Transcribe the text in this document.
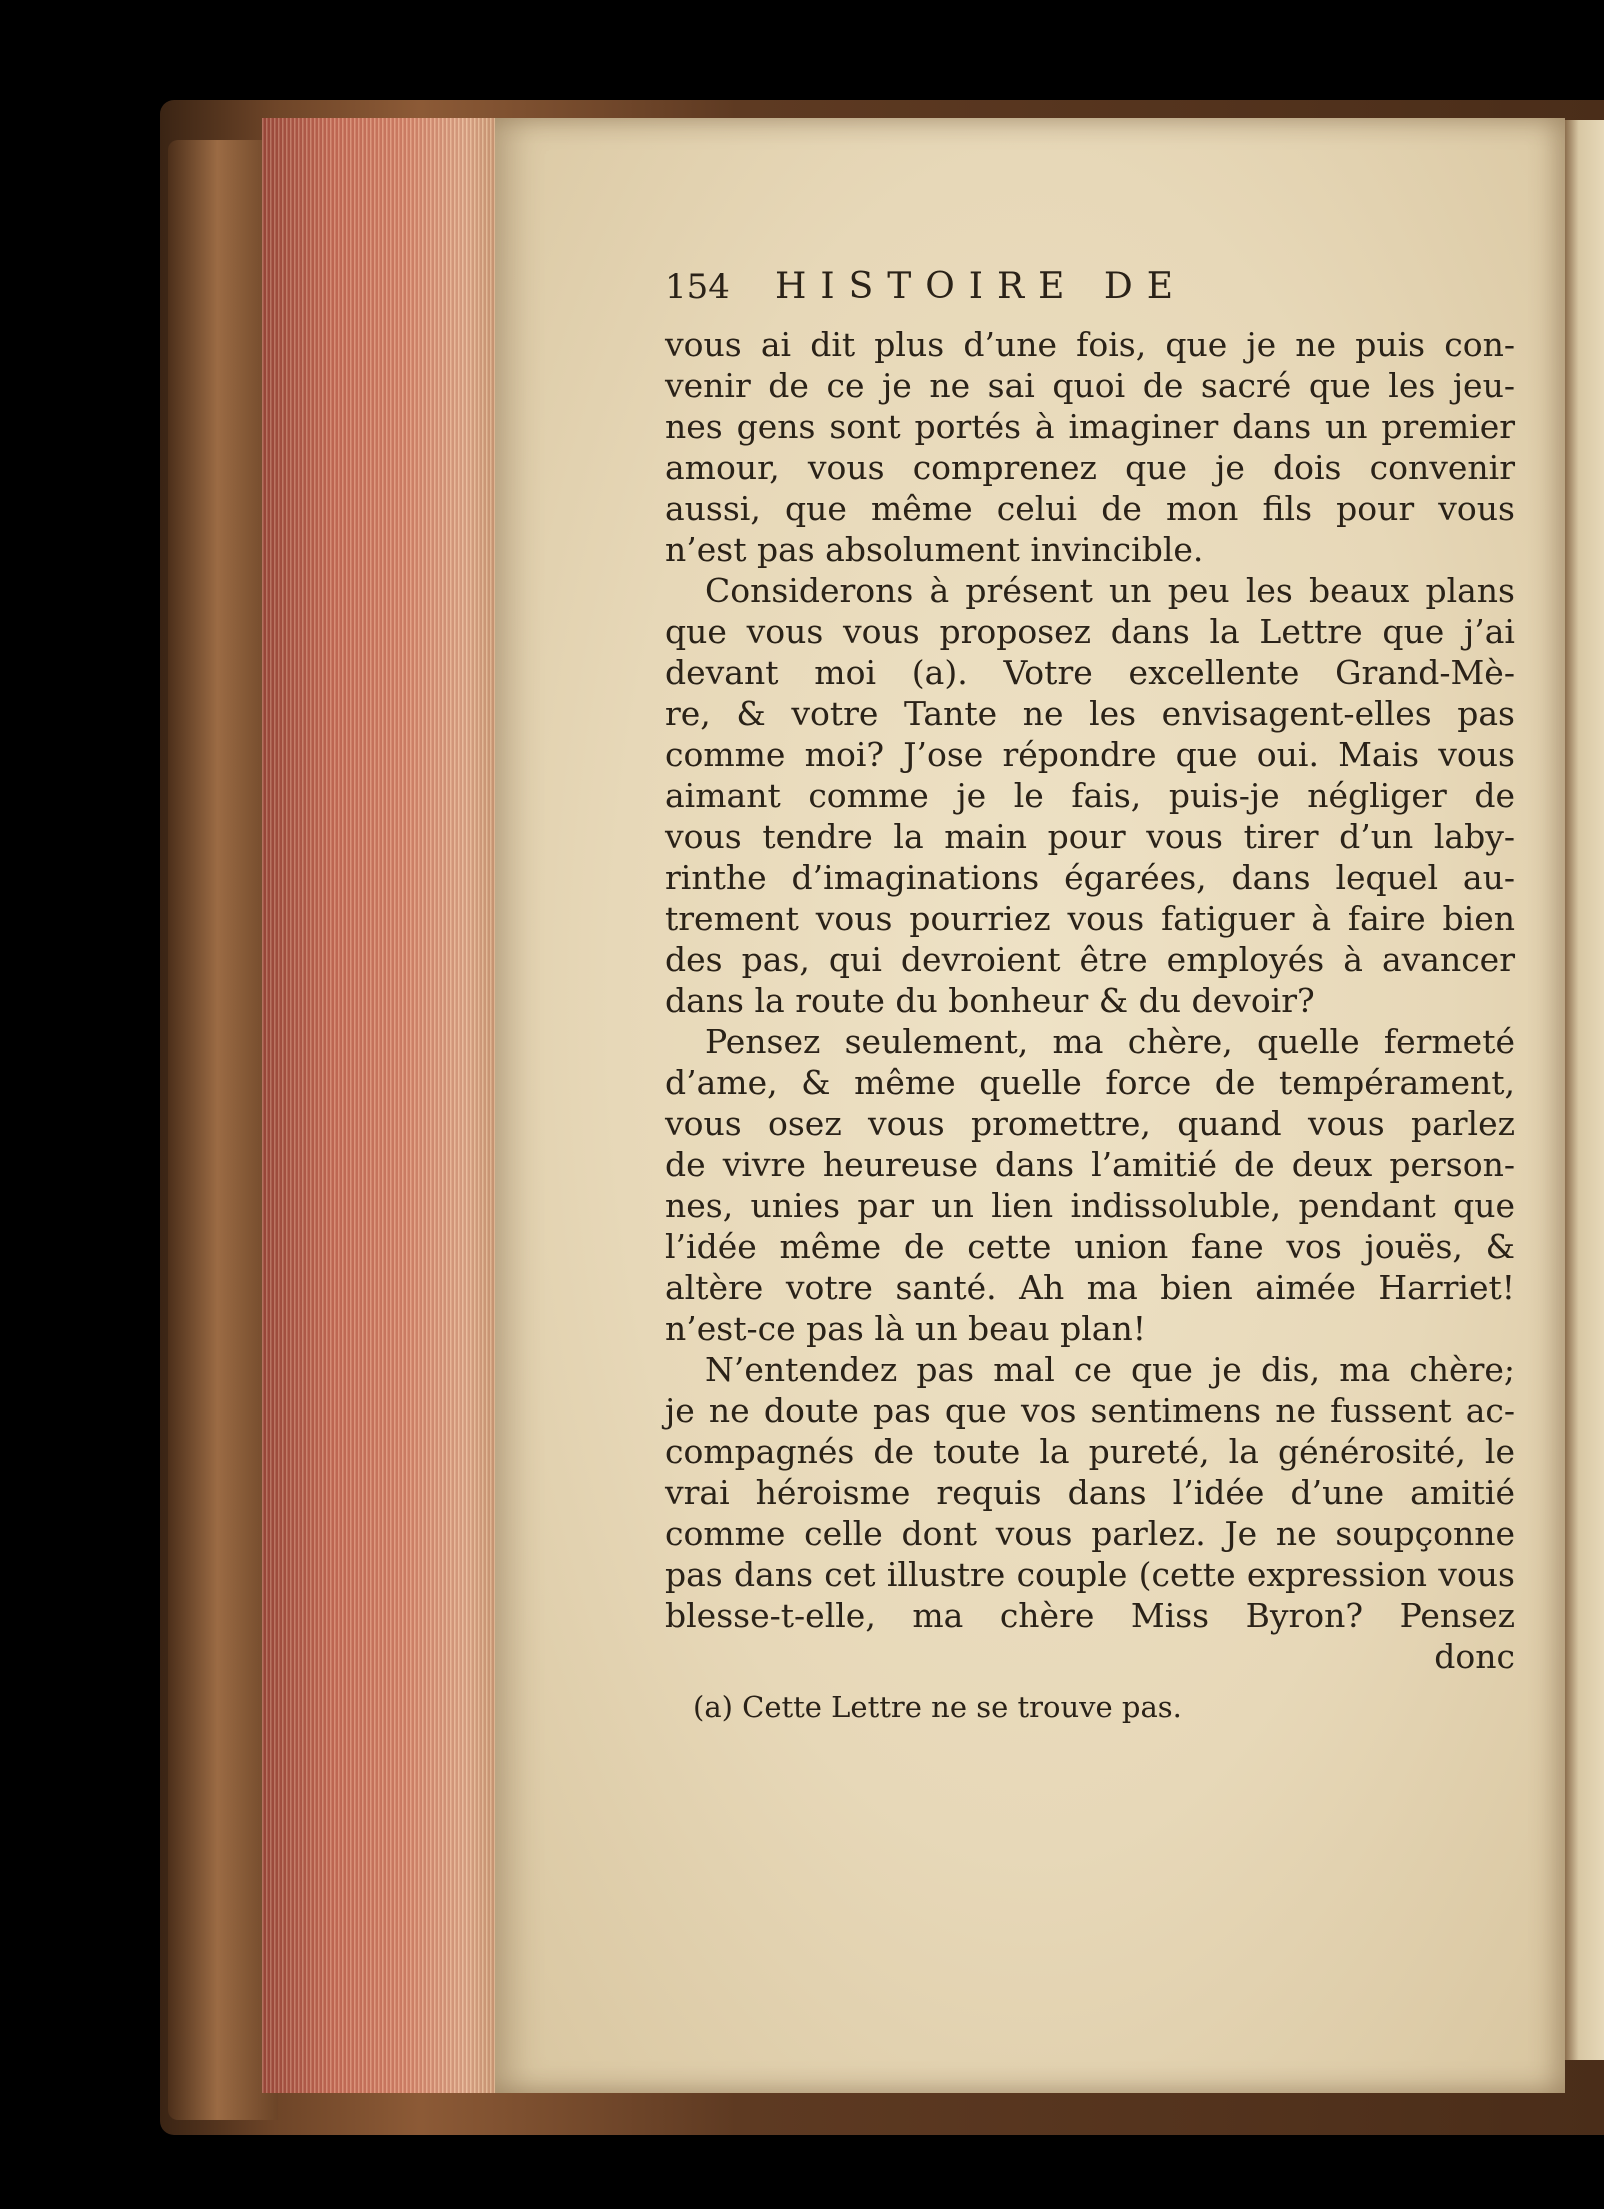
154	HISTOIRE DE
vous ai dit plus d’une fois, que je ne puis con-
venir de ce je ne sai quoi de sacré que les jeu-
nes gens sont portés à imaginer dans un premier
amour, vous comprenez que je dois convenir
aussi, que même celui de mon fils pour vous
n’est pas absolument invincible.
Considerons à présent un peu les beaux plans
que vous vous proposez dans la Lettre que j’ai
devant moi (a). Votre excellente Grand-Mè-
re, & votre Tante ne les envisagent-elles pas
comme moi? J’ose répondre que oui. Mais vous
aimant comme je le fais, puis-je négliger de
vous tendre la main pour vous tirer d’un laby-
rinthe d’imaginations égarées, dans lequel au-
trement vous pourriez vous fatiguer à faire bien
des pas, qui devroient être employés à avancer
dans la route du bonheur & du devoir?
Pensez seulement, ma chère, quelle fermeté
d’ame, & même quelle force de tempérament,
vous osez vous promettre, quand vous parlez
de vivre heureuse dans l’amitié de deux person-
nes, unies par un lien indissoluble, pendant que
l’idée même de cette union fane vos jouës, &
altère votre santé. Ah ma bien aimée Harriet!
n’est-ce pas là un beau plan!
N’entendez pas mal ce que je dis, ma chère;
je ne doute pas que vos sentimens ne fussent ac-
compagnés de toute la pureté, la générosité, le
vrai héroisme requis dans l’idée d’une amitié
comme celle dont vous parlez. Je ne soupçonne
pas dans cet illustre couple (cette expression vous
blesse-t-elle, ma chère Miss Byron? Pensez
donc
(a) Cette Lettre ne se trouve pas.
